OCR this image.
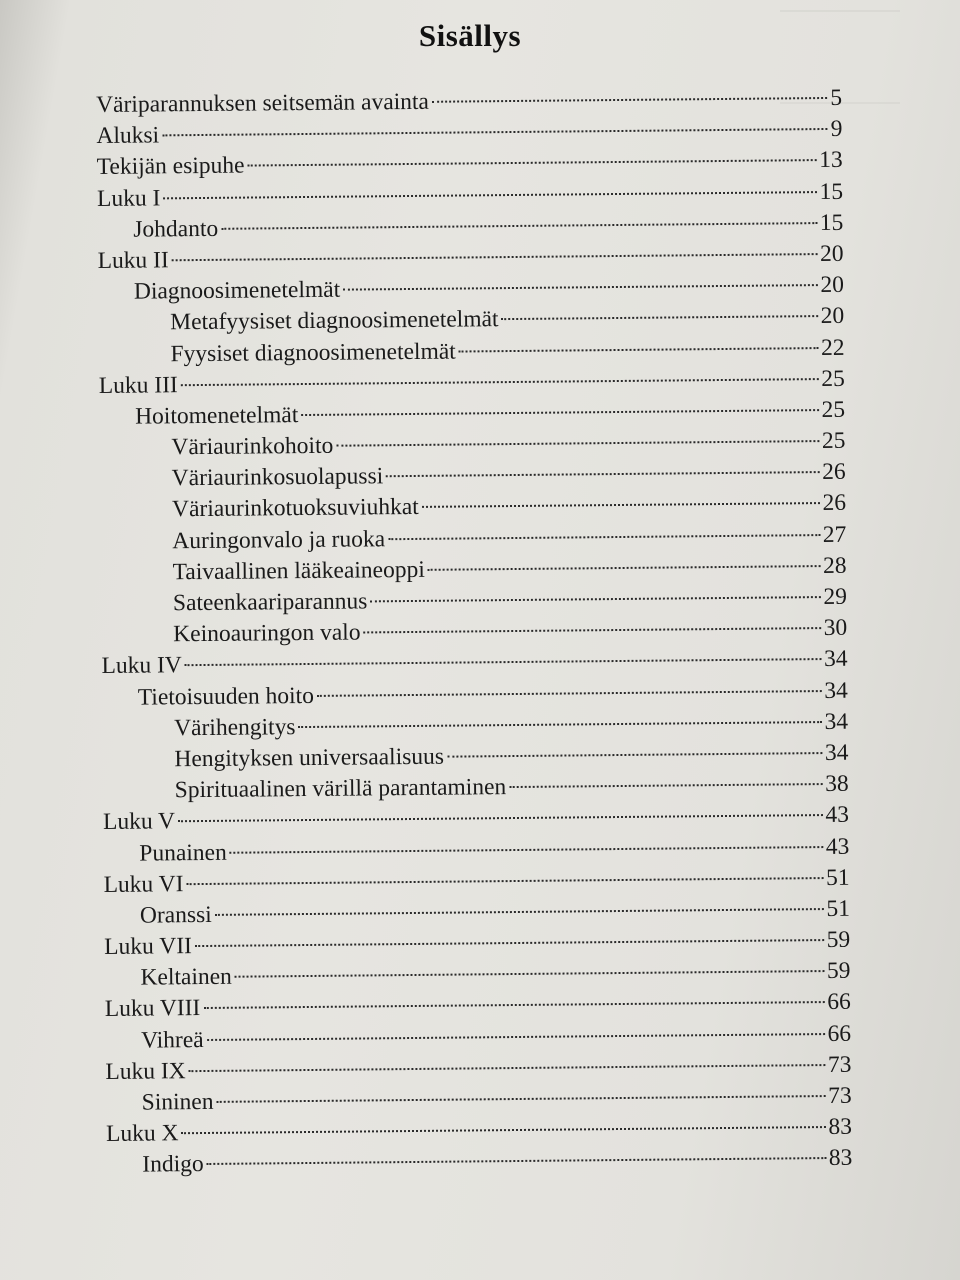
Sisällys
Väriparannuksen seitsemän avainta	5
Aluksi	9
Tekijän esipuhe	13
Luku I	15
Johdanto	15
Luku II	20
Diagnoosimenetelmät	20
Metafyysiset diagnoosimenetelmät	20
Fyysiset diagnoosimenetelmät	22
Luku III	25
Hoitomenetelmät	25
Väriaurinkohoito	25
Väriaurinkosuolapussi	26
Väriaurinkotuoksuviuhkat	26
Auringonvalo ja ruoka	27
Taivaallinen lääkeaineoppi	28
Sateenkaariparannus	29
Keinoauringon valo	30
Luku IV	34
Tietoisuuden hoito	34
Värihengitys	34
Hengityksen universaalisuus	34
Spirituaalinen värillä parantaminen	38
Luku V	43
Punainen	43
Luku VI	51
Oranssi	51
Luku VII	59
Keltainen	59
Luku VIII	66
Vihreä	66
Luku IX	73
Sininen	73
Luku X	83
Indigo	83
